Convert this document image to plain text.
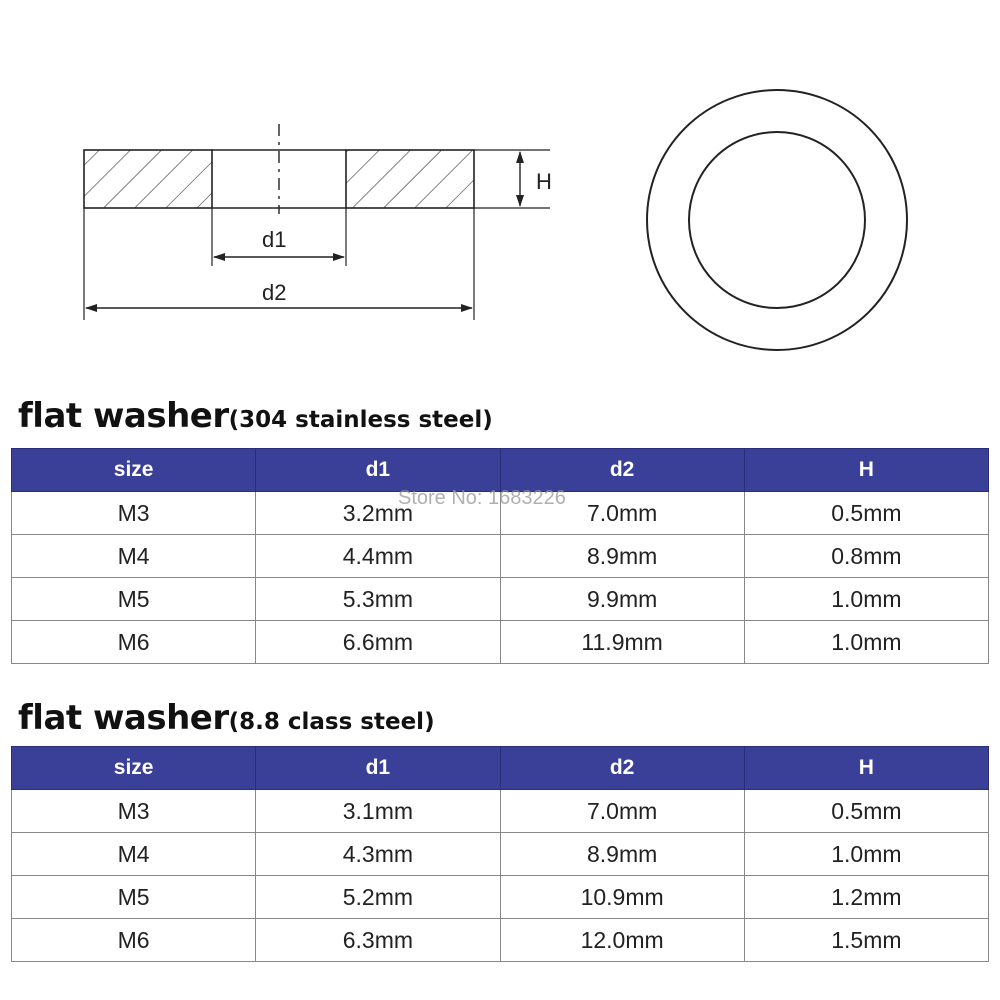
H
d1
d2
flat washer(304 stainless steel)
size	d1	d2	H
M3	3.2mm	7.0mm	0.5mm
M4	4.4mm	8.9mm	0.8mm
M5	5.3mm	9.9mm	1.0mm
M6	6.6mm	11.9mm	1.0mm
Store No: 1683226
flat washer(8.8 class steel)
size	d1	d2	H
M3	3.1mm	7.0mm	0.5mm
M4	4.3mm	8.9mm	1.0mm
M5	5.2mm	10.9mm	1.2mm
M6	6.3mm	12.0mm	1.5mm
